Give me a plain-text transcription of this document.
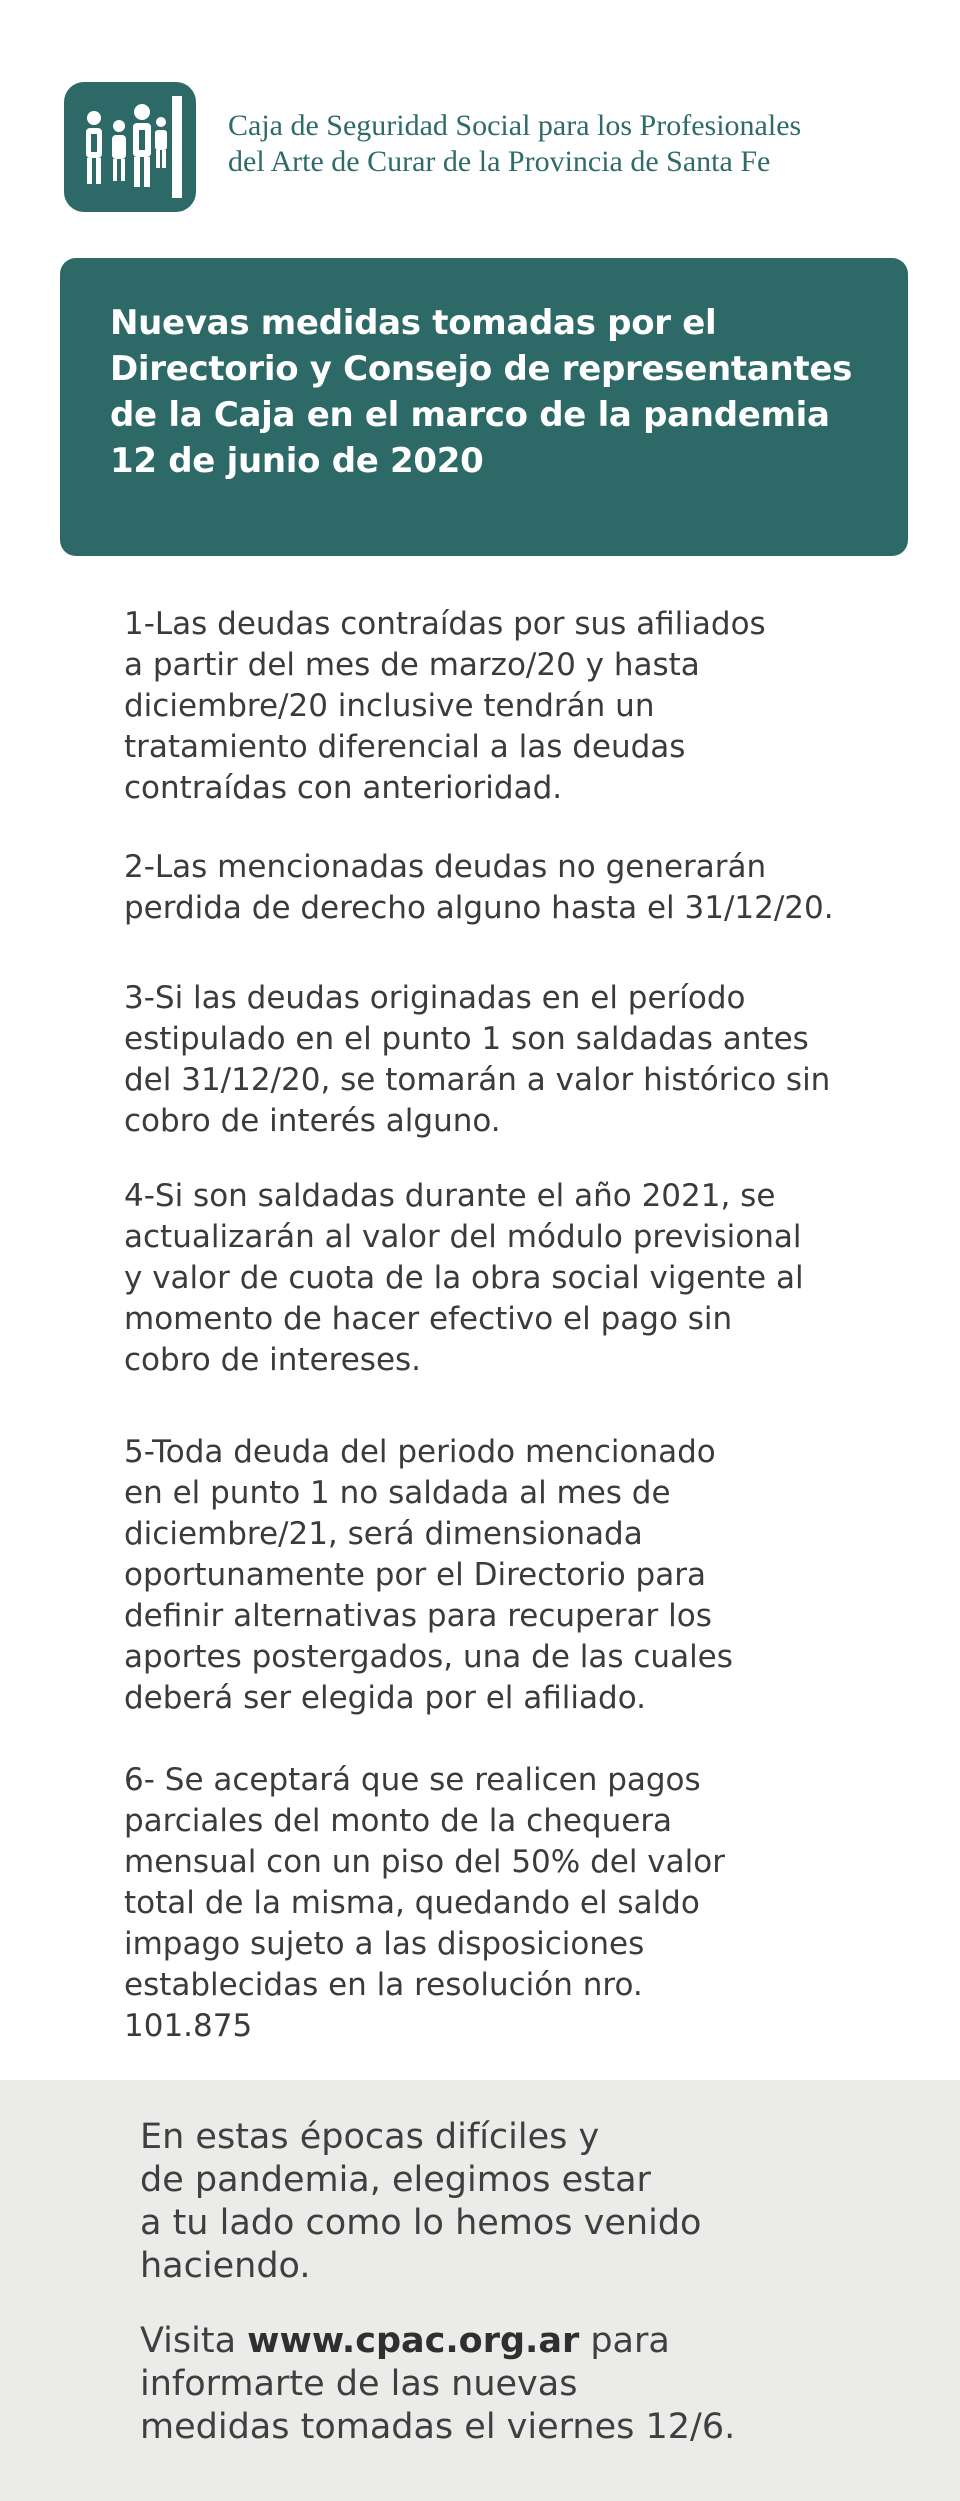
Caja de Seguridad Social para los Profesionales
del Arte de Curar de la Provincia de Santa Fe
Nuevas medidas tomadas por el
Directorio y Consejo de representantes
de la Caja en el marco de la pandemia
12 de junio de 2020
1-Las deudas contraídas por sus afiliados
a partir del mes de marzo/20 y hasta
diciembre/20 inclusive tendrán un
tratamiento diferencial a las deudas
contraídas con anterioridad.
2-Las mencionadas deudas no generarán
perdida de derecho alguno hasta el 31/12/20.
3-Si las deudas originadas en el período
estipulado en el punto 1 son saldadas antes
del 31/12/20, se tomarán a valor histórico sin
cobro de interés alguno.
4-Si son saldadas durante el año 2021, se
actualizarán al valor del módulo previsional
y valor de cuota de la obra social vigente al
momento de hacer efectivo el pago sin
cobro de intereses.
5-Toda deuda del periodo mencionado
en el punto 1 no saldada al mes de
diciembre/21, será dimensionada
oportunamente por el Directorio para
definir alternativas para recuperar los
aportes postergados, una de las cuales
deberá ser elegida por el afiliado.
6- Se aceptará que se realicen pagos
parciales del monto de la chequera
mensual con un piso del 50% del valor
total de la misma, quedando el saldo
impago sujeto a las disposiciones
establecidas en la resolución nro.
101.875
En estas épocas difíciles y
de pandemia, elegimos estar
a tu lado como lo hemos venido
haciendo.
Visita www.cpac.org.ar para
informarte de las nuevas
medidas tomadas el viernes 12/6.
